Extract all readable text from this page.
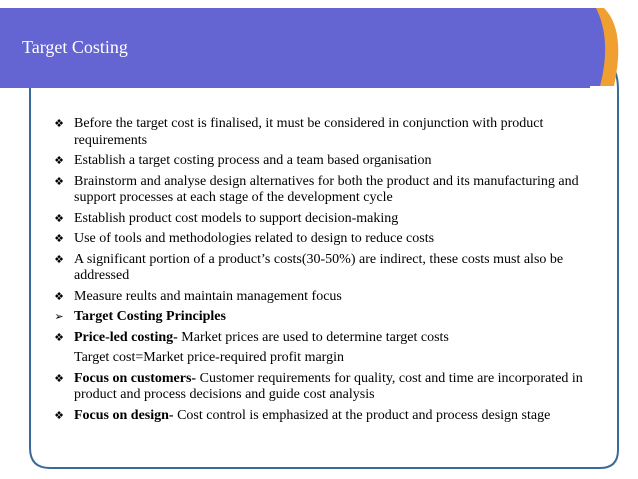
Target Costing
❖ Before the target cost is finalised, it must be considered in conjunction with product requirements
❖ Establish a target costing process and a team based organisation
❖ Brainstorm and analyse design alternatives for both the product and its manufacturing and support processes at each stage of the development cycle
❖ Establish product cost models to support decision-making
❖ Use of tools and methodologies related to design to reduce costs
❖ A significant portion of a product’s costs(30-50%) are indirect, these costs must also be addressed
❖ Measure reults and maintain management focus
➢ Target Costing Principles
❖ Price-led costing- Market prices are used to determine target costs
Target cost=Market price-required profit margin
❖ Focus on customers- Customer requirements for quality, cost and time are incorporated in product and process decisions and guide cost analysis
❖ Focus on design- Cost control is emphasized at the product and process design stage
